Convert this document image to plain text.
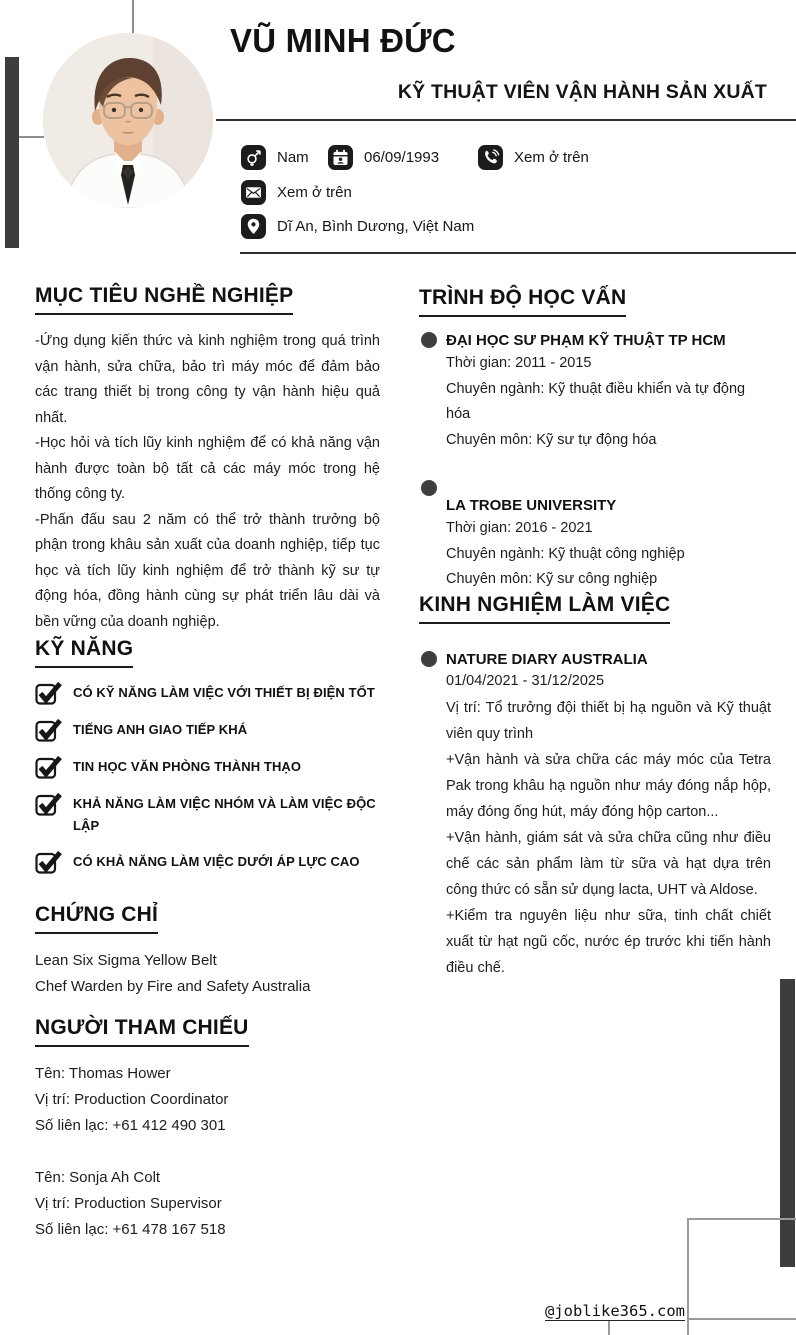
VŨ MINH ĐỨC
KỸ THUẬT VIÊN VẬN HÀNH SẢN XUẤT
Nam	06/09/1993	Xem ở trên
Xem ở trên
Dĩ An, Bình Dương, Việt Nam
MỤC TIÊU NGHỀ NGHIỆP

-Ứng dụng kiến thức và kinh nghiệm trong quá trình vận hành, sửa chữa, bảo trì máy móc để đảm bảo các trang thiết bị trong công ty vận hành hiệu quả nhất.

-Học hỏi và tích lũy kinh nghiệm để có khả năng vận hành được toàn bộ tất cả các máy móc trong hệ thống công ty.

-Phấn đấu sau 2 năm có thể trở thành trưởng bộ phận trong khâu sản xuất của doanh nghiệp, tiếp tục học và tích lũy kinh nghiệm để trở thành kỹ sư tự động hóa, đồng hành cùng sự phát triển lâu dài và bền vững của doanh nghiệp.

KỸ NĂNG
CÓ KỸ NĂNG LÀM VIỆC VỚI THIẾT BỊ ĐIỆN TỐT
TIẾNG ANH GIAO TIẾP KHÁ
TIN HỌC VĂN PHÒNG THÀNH THẠO
KHẢ NĂNG LÀM VIỆC NHÓM VÀ LÀM VIỆC ĐỘC LẬP
CÓ KHẢ NĂNG LÀM VIỆC DƯỚI ÁP LỰC CAO
CHỨNG CHỈ
Lean Six Sigma Yellow Belt
Chef Warden by Fire and Safety Australia
NGƯỜI THAM CHIẾU
Tên: Thomas Hower
Vị trí: Production Coordinator
Số liên lạc: +61 412 490 301
Tên: Sonja Ah Colt
Vị trí: Production Supervisor
Số liên lạc: +61 478 167 518
TRÌNH ĐỘ HỌC VẤN
ĐẠI HỌC SƯ PHẠM KỸ THUẬT TP HCM
Thời gian: 2011 - 2015
Chuyên ngành: Kỹ thuật điều khiển và tự động hóa
Chuyên môn: Kỹ sư tự động hóa
LA TROBE UNIVERSITY
Thời gian: 2016 - 2021
Chuyên ngành: Kỹ thuật công nghiệp
Chuyên môn: Kỹ sư công nghiệp
KINH NGHIỆM LÀM VIỆC
NATURE DIARY AUSTRALIA
01/04/2021 - 31/12/2025

Vị trí: Tổ trưởng đội thiết bị hạ nguồn và Kỹ thuật viên quy trình

+Vận hành và sửa chữa các máy móc của Tetra Pak trong khâu hạ nguồn như máy đóng nắp hộp, máy đóng ống hút, máy đóng hộp carton...

+Vận hành, giám sát và sửa chữa cũng như điều chế các sản phẩm làm từ sữa và hạt dựa trên công thức có sẵn sử dụng lacta, UHT và Aldose.

+Kiểm tra nguyên liệu như sữa, tinh chất chiết xuất từ hạt ngũ cốc, nước ép trước khi tiến hành điều chế.

@joblike365.com
